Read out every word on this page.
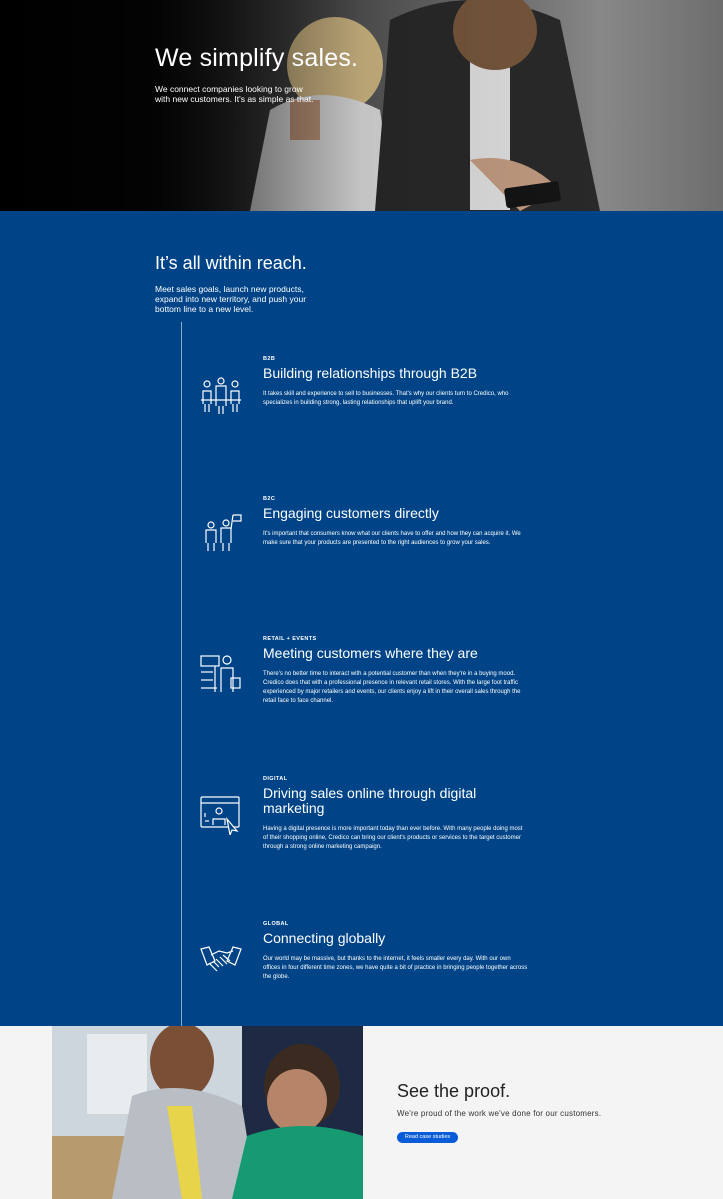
We simplify sales.

We connect companies looking to grow with new customers. It's as simple as that.

It’s all within reach.

Meet sales goals, launch new products, expand into new territory, and push your bottom line to a new level.

B2B
Building relationships through B2B
It takes skill and experience to sell to businesses. That's why our clients turn to Credico, who specializes in building strong, lasting relationships that uplift your brand.
B2C
Engaging customers directly
It's important that consumers know what our clients have to offer and how they can acquire it. We make sure that your products are presented to the right audiences to grow your sales.
RETAIL + EVENTS
Meeting customers where they are
There's no better time to interact with a potential customer than when they're in a buying mood. Credico does that with a professional presence in relevant retail stores. With the large foot traffic experienced by major retailers and events, our clients enjoy a lift in their overall sales through the retail face to face channel.
DIGITAL
Driving sales online through digital marketing
Having a digital presence is more important today than ever before. With many people doing most of their shopping online, Credico can bring our client's products or services to the target customer through a strong online marketing campaign.
GLOBAL
Connecting globally
Our world may be massive, but thanks to the internet, it feels smaller every day. With our own offices in four different time zones, we have quite a bit of practice in bringing people together across the globe.
See the proof.

We're proud of the work we've done for our customers.

Read case studies
